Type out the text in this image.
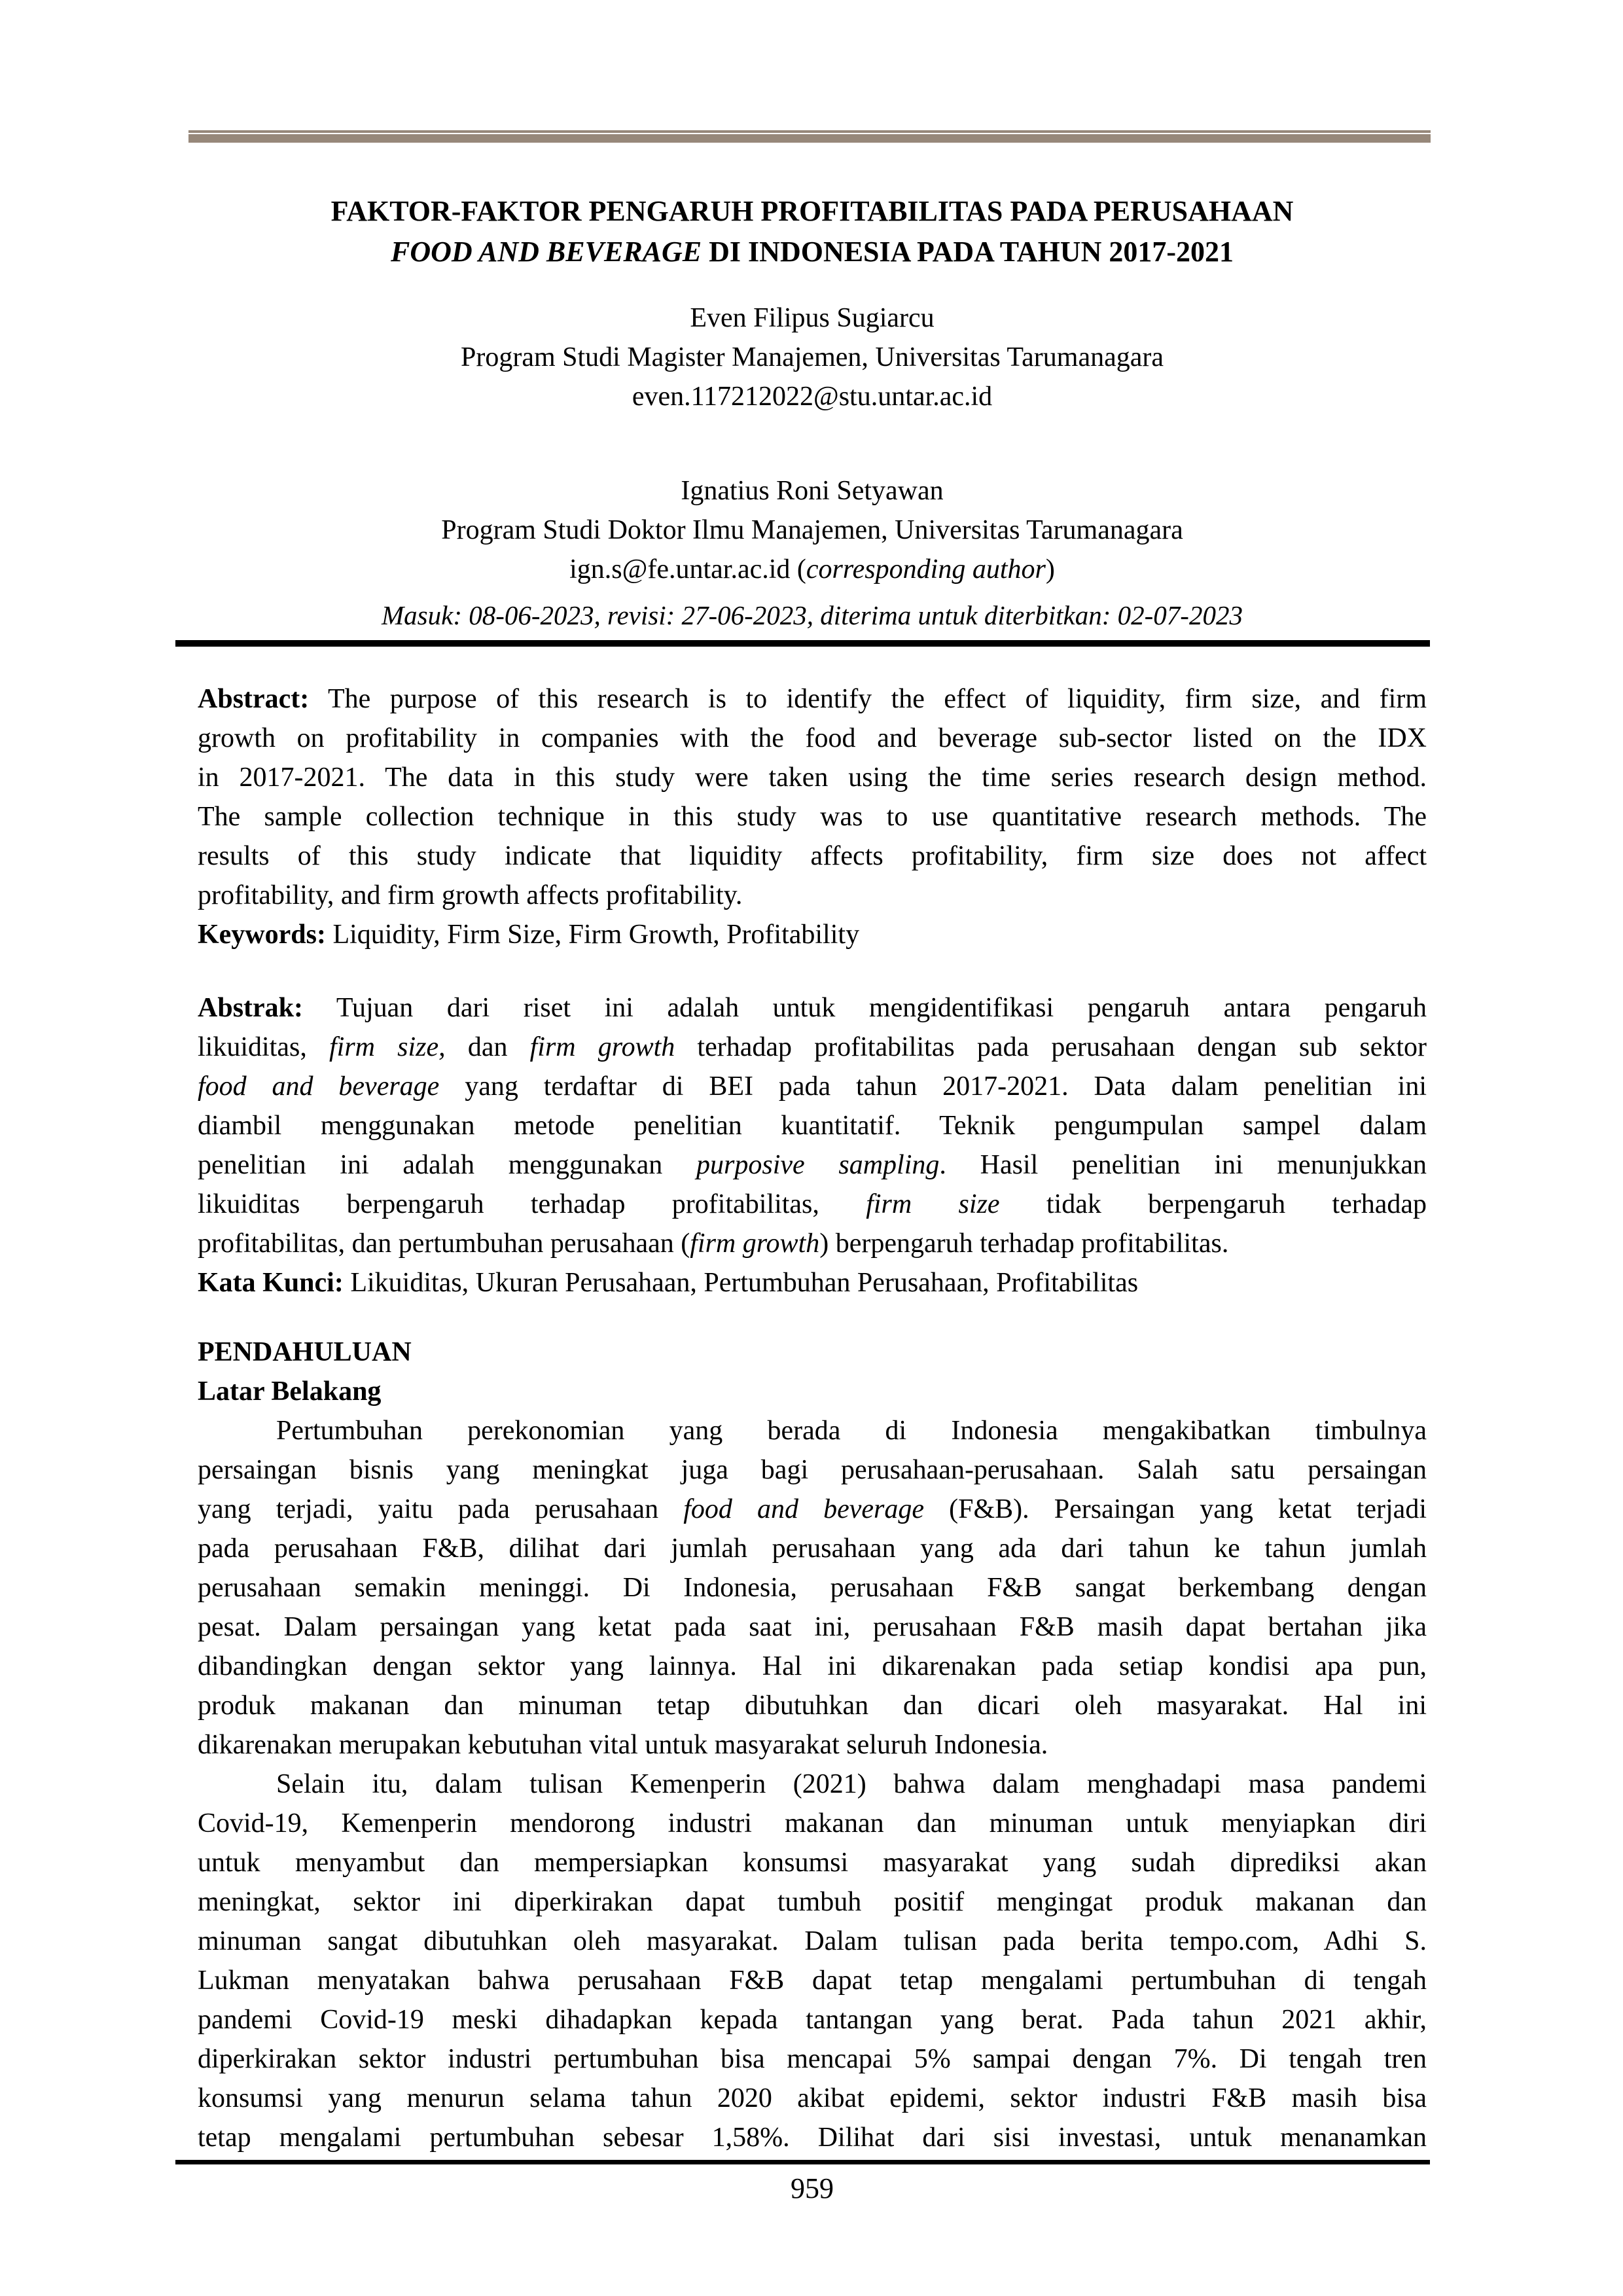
FAKTOR-FAKTOR PENGARUH PROFITABILITAS PADA PERUSAHAAN
FOOD AND BEVERAGE DI INDONESIA PADA TAHUN 2017-2021
Even Filipus Sugiarcu
Program Studi Magister Manajemen, Universitas Tarumanagara
even.117212022@stu.untar.ac.id
Ignatius Roni Setyawan
Program Studi Doktor Ilmu Manajemen, Universitas Tarumanagara
ign.s@fe.untar.ac.id (corresponding author)
Masuk: 08-06-2023, revisi: 27-06-2023, diterima untuk diterbitkan: 02-07-2023
Abstract: The purpose of this research is to identify the effect of liquidity, firm size, and firm
growth on profitability in companies with the food and beverage sub-sector listed on the IDX
in 2017-2021. The data in this study were taken using the time series research design method.
The sample collection technique in this study was to use quantitative research methods. The
results of this study indicate that liquidity affects profitability, firm size does not affect
profitability, and firm growth affects profitability.
Keywords: Liquidity, Firm Size, Firm Growth, Profitability
Abstrak: Tujuan dari riset ini adalah untuk mengidentifikasi pengaruh antara pengaruh
likuiditas, firm size, dan firm growth terhadap profitabilitas pada perusahaan dengan sub sektor
food and beverage yang terdaftar di BEI pada tahun 2017-2021. Data dalam penelitian ini
diambil menggunakan metode penelitian kuantitatif. Teknik pengumpulan sampel dalam
penelitian ini adalah menggunakan purposive sampling. Hasil penelitian ini menunjukkan
likuiditas berpengaruh terhadap profitabilitas, firm size tidak berpengaruh terhadap
profitabilitas, dan pertumbuhan perusahaan (firm growth) berpengaruh terhadap profitabilitas.
Kata Kunci: Likuiditas, Ukuran Perusahaan, Pertumbuhan Perusahaan, Profitabilitas
PENDAHULUAN
Latar Belakang
Pertumbuhan perekonomian yang berada di Indonesia mengakibatkan timbulnya
persaingan bisnis yang meningkat juga bagi perusahaan-perusahaan. Salah satu persaingan
yang terjadi, yaitu pada perusahaan food and beverage (F&B). Persaingan yang ketat terjadi
pada perusahaan F&B, dilihat dari jumlah perusahaan yang ada dari tahun ke tahun jumlah
perusahaan semakin meninggi. Di Indonesia, perusahaan F&B sangat berkembang dengan
pesat. Dalam persaingan yang ketat pada saat ini, perusahaan F&B masih dapat bertahan jika
dibandingkan dengan sektor yang lainnya. Hal ini dikarenakan pada setiap kondisi apa pun,
produk makanan dan minuman tetap dibutuhkan dan dicari oleh masyarakat. Hal ini
dikarenakan merupakan kebutuhan vital untuk masyarakat seluruh Indonesia.
Selain itu, dalam tulisan Kemenperin (2021) bahwa dalam menghadapi masa pandemi
Covid-19, Kemenperin mendorong industri makanan dan minuman untuk menyiapkan diri
untuk menyambut dan mempersiapkan konsumsi masyarakat yang sudah diprediksi akan
meningkat, sektor ini diperkirakan dapat tumbuh positif mengingat produk makanan dan
minuman sangat dibutuhkan oleh masyarakat. Dalam tulisan pada berita tempo.com, Adhi S.
Lukman menyatakan bahwa perusahaan F&B dapat tetap mengalami pertumbuhan di tengah
pandemi Covid-19 meski dihadapkan kepada tantangan yang berat. Pada tahun 2021 akhir,
diperkirakan sektor industri pertumbuhan bisa mencapai 5% sampai dengan 7%. Di tengah tren
konsumsi yang menurun selama tahun 2020 akibat epidemi, sektor industri F&B masih bisa
tetap mengalami pertumbuhan sebesar 1,58%. Dilihat dari sisi investasi, untuk menanamkan
959
